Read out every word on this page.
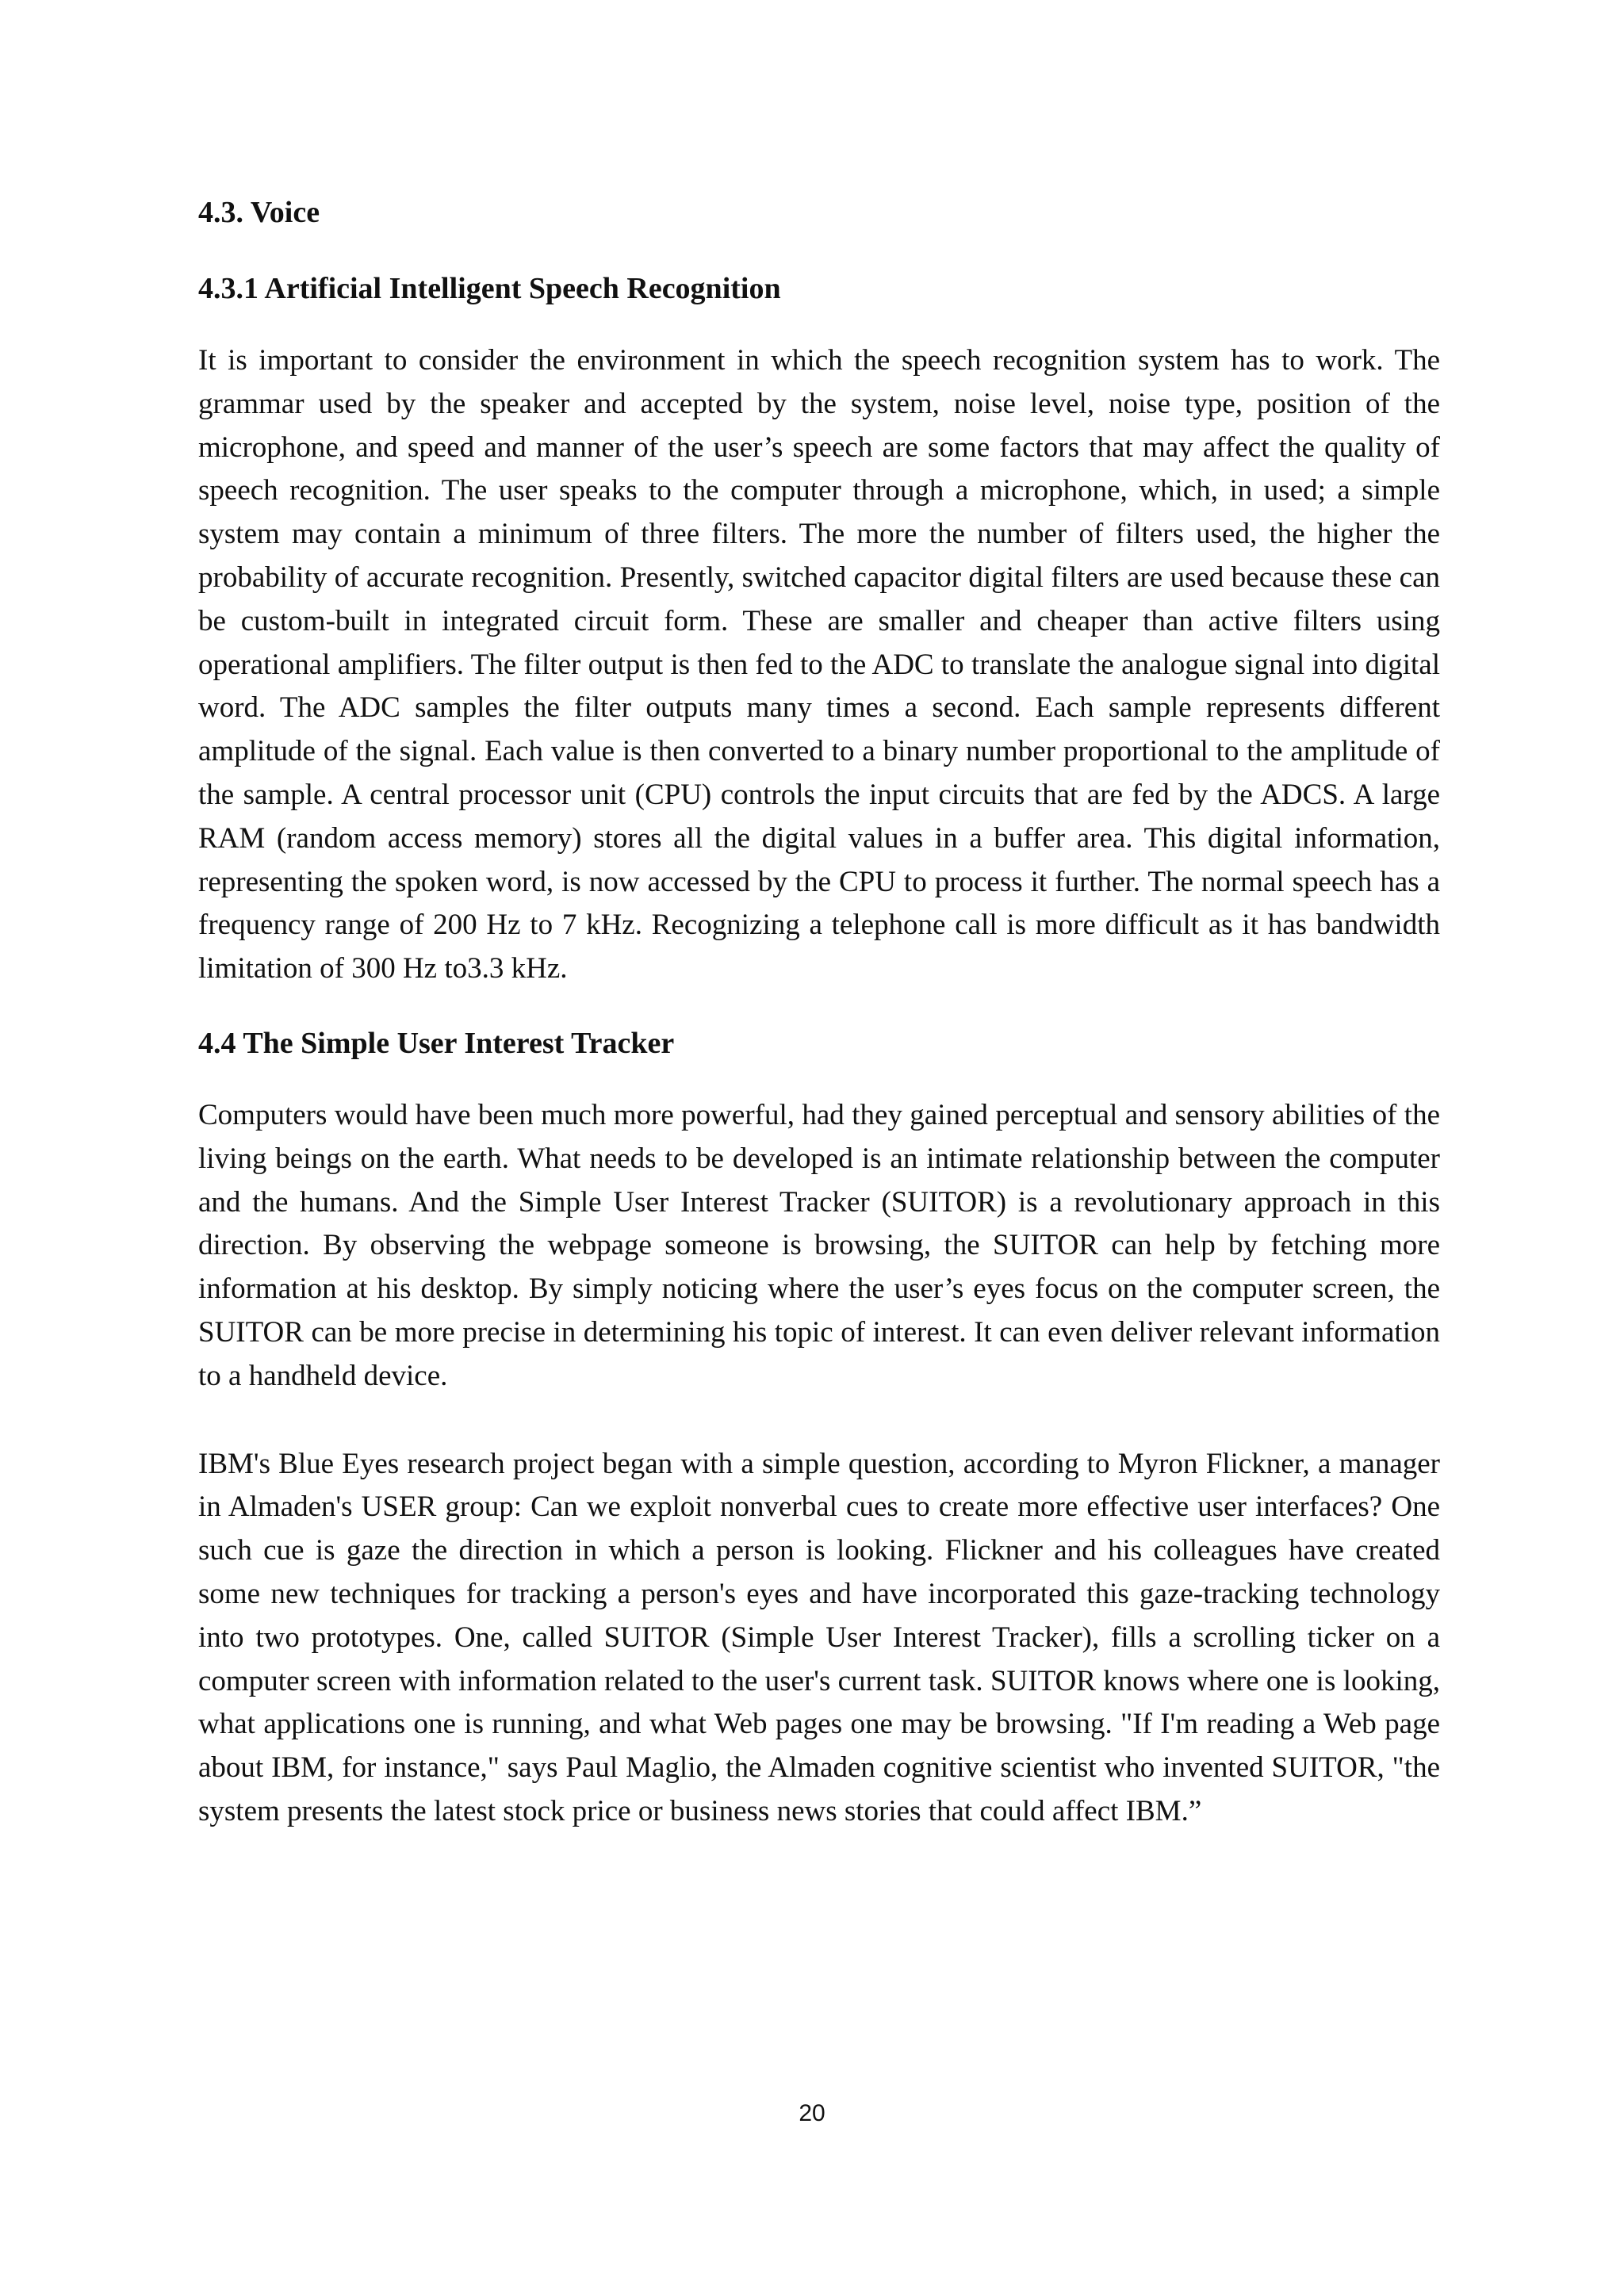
4.3. Voice
4.3.1 Artificial Intelligent Speech Recognition

It is important to consider the environment in which the speech recognition system has to work. The grammar used by the speaker and accepted by the system, noise level, noise type, position of the microphone, and speed and manner of the user’s speech are some factors that may affect the quality of speech recognition. The user speaks to the computer through a microphone, which, in used; a simple system may contain a minimum of three filters. The more the number of filters used, the higher the probability of accurate recognition. Presently, switched capacitor digital filters are used because these can be custom-built in integrated circuit form. These are smaller and cheaper than active filters using operational amplifiers. The filter output is then fed to the ADC to translate the analogue signal into digital word. The ADC samples the filter outputs many times a second. Each sample represents different amplitude of the signal. Each value is then converted to a binary number proportional to the amplitude of the sample. A central processor unit (CPU) controls the input circuits that are fed by the ADCS. A large RAM (random access memory) stores all the digital values in a buffer area. This digital information, representing the spoken word, is now accessed by the CPU to process it further. The normal speech has a frequency range of 200 Hz to 7 kHz. Recognizing a telephone call is more difficult as it has bandwidth limitation of 300 Hz to3.3 kHz.

4.4 The Simple User Interest Tracker

Computers would have been much more powerful, had they gained perceptual and sensory abilities of the living beings on the earth. What needs to be developed is an intimate relationship between the computer and the humans. And the Simple User Interest Tracker (SUITOR) is a revolutionary approach in this direction. By observing the webpage someone is browsing, the SUITOR can help by fetching more information at his desktop. By simply noticing where the user’s eyes focus on the computer screen, the SUITOR can be more precise in determining his topic of interest. It can even deliver relevant information to a handheld device.

IBM's Blue Eyes research project began with a simple question, according to Myron Flickner, a manager in Almaden's USER group: Can we exploit nonverbal cues to create more effective user interfaces? One such cue is gaze the direction in which a person is looking. Flickner and his colleagues have created some new techniques for tracking a person's eyes and have incorporated this gaze-tracking technology into two prototypes. One, called SUITOR (Simple User Interest Tracker), fills a scrolling ticker on a computer screen with information related to the user's current task. SUITOR knows where one is looking, what applications one is running, and what Web pages one may be browsing. "If I'm reading a Web page about IBM, for instance," says Paul Maglio, the Almaden cognitive scientist who invented SUITOR, "the system presents the latest stock price or business news stories that could affect IBM.”

20
